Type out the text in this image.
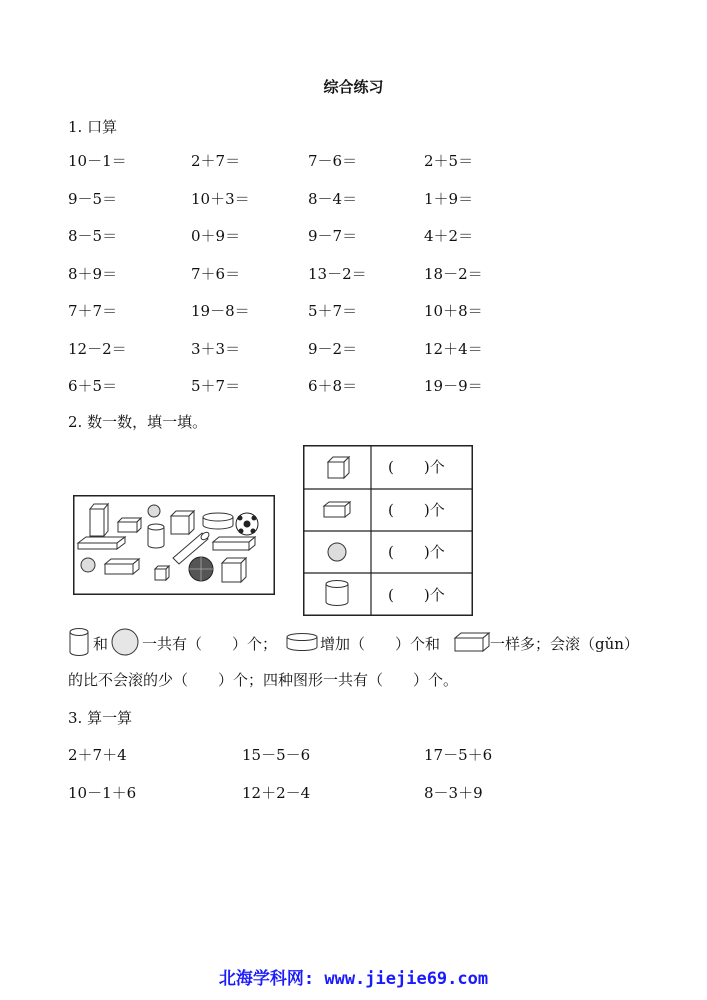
综合练习
1. 口算
10－1＝	2＋7＝	7－6＝	2＋5＝
9－5＝	10＋3＝	8－4＝	1＋9＝
8－5＝	0＋9＝	9－7＝	4＋2＝
8＋9＝	7＋6＝	13－2＝	18－2＝
7＋7＝	19－8＝	5＋7＝	10＋8＝
12－2＝	3＋3＝	9－2＝	12＋4＝
6＋5＝	5＋7＝	6＋8＝	19－9＝
2. 数一数，填一填。
(　　)个
(　　)个
(　　)个
(　　)个
和 一共有（　　）个；	增加（　　）个和	一样多；会滚（gǔn）
的比不会滚的少（　　）个；四种图形一共有（　　）个。
3. 算一算
2＋7＋4	15－5－6	17－5＋6
10－1＋6	12＋2－4	8－3＋9
北海学科网: www.jiejie69.com
